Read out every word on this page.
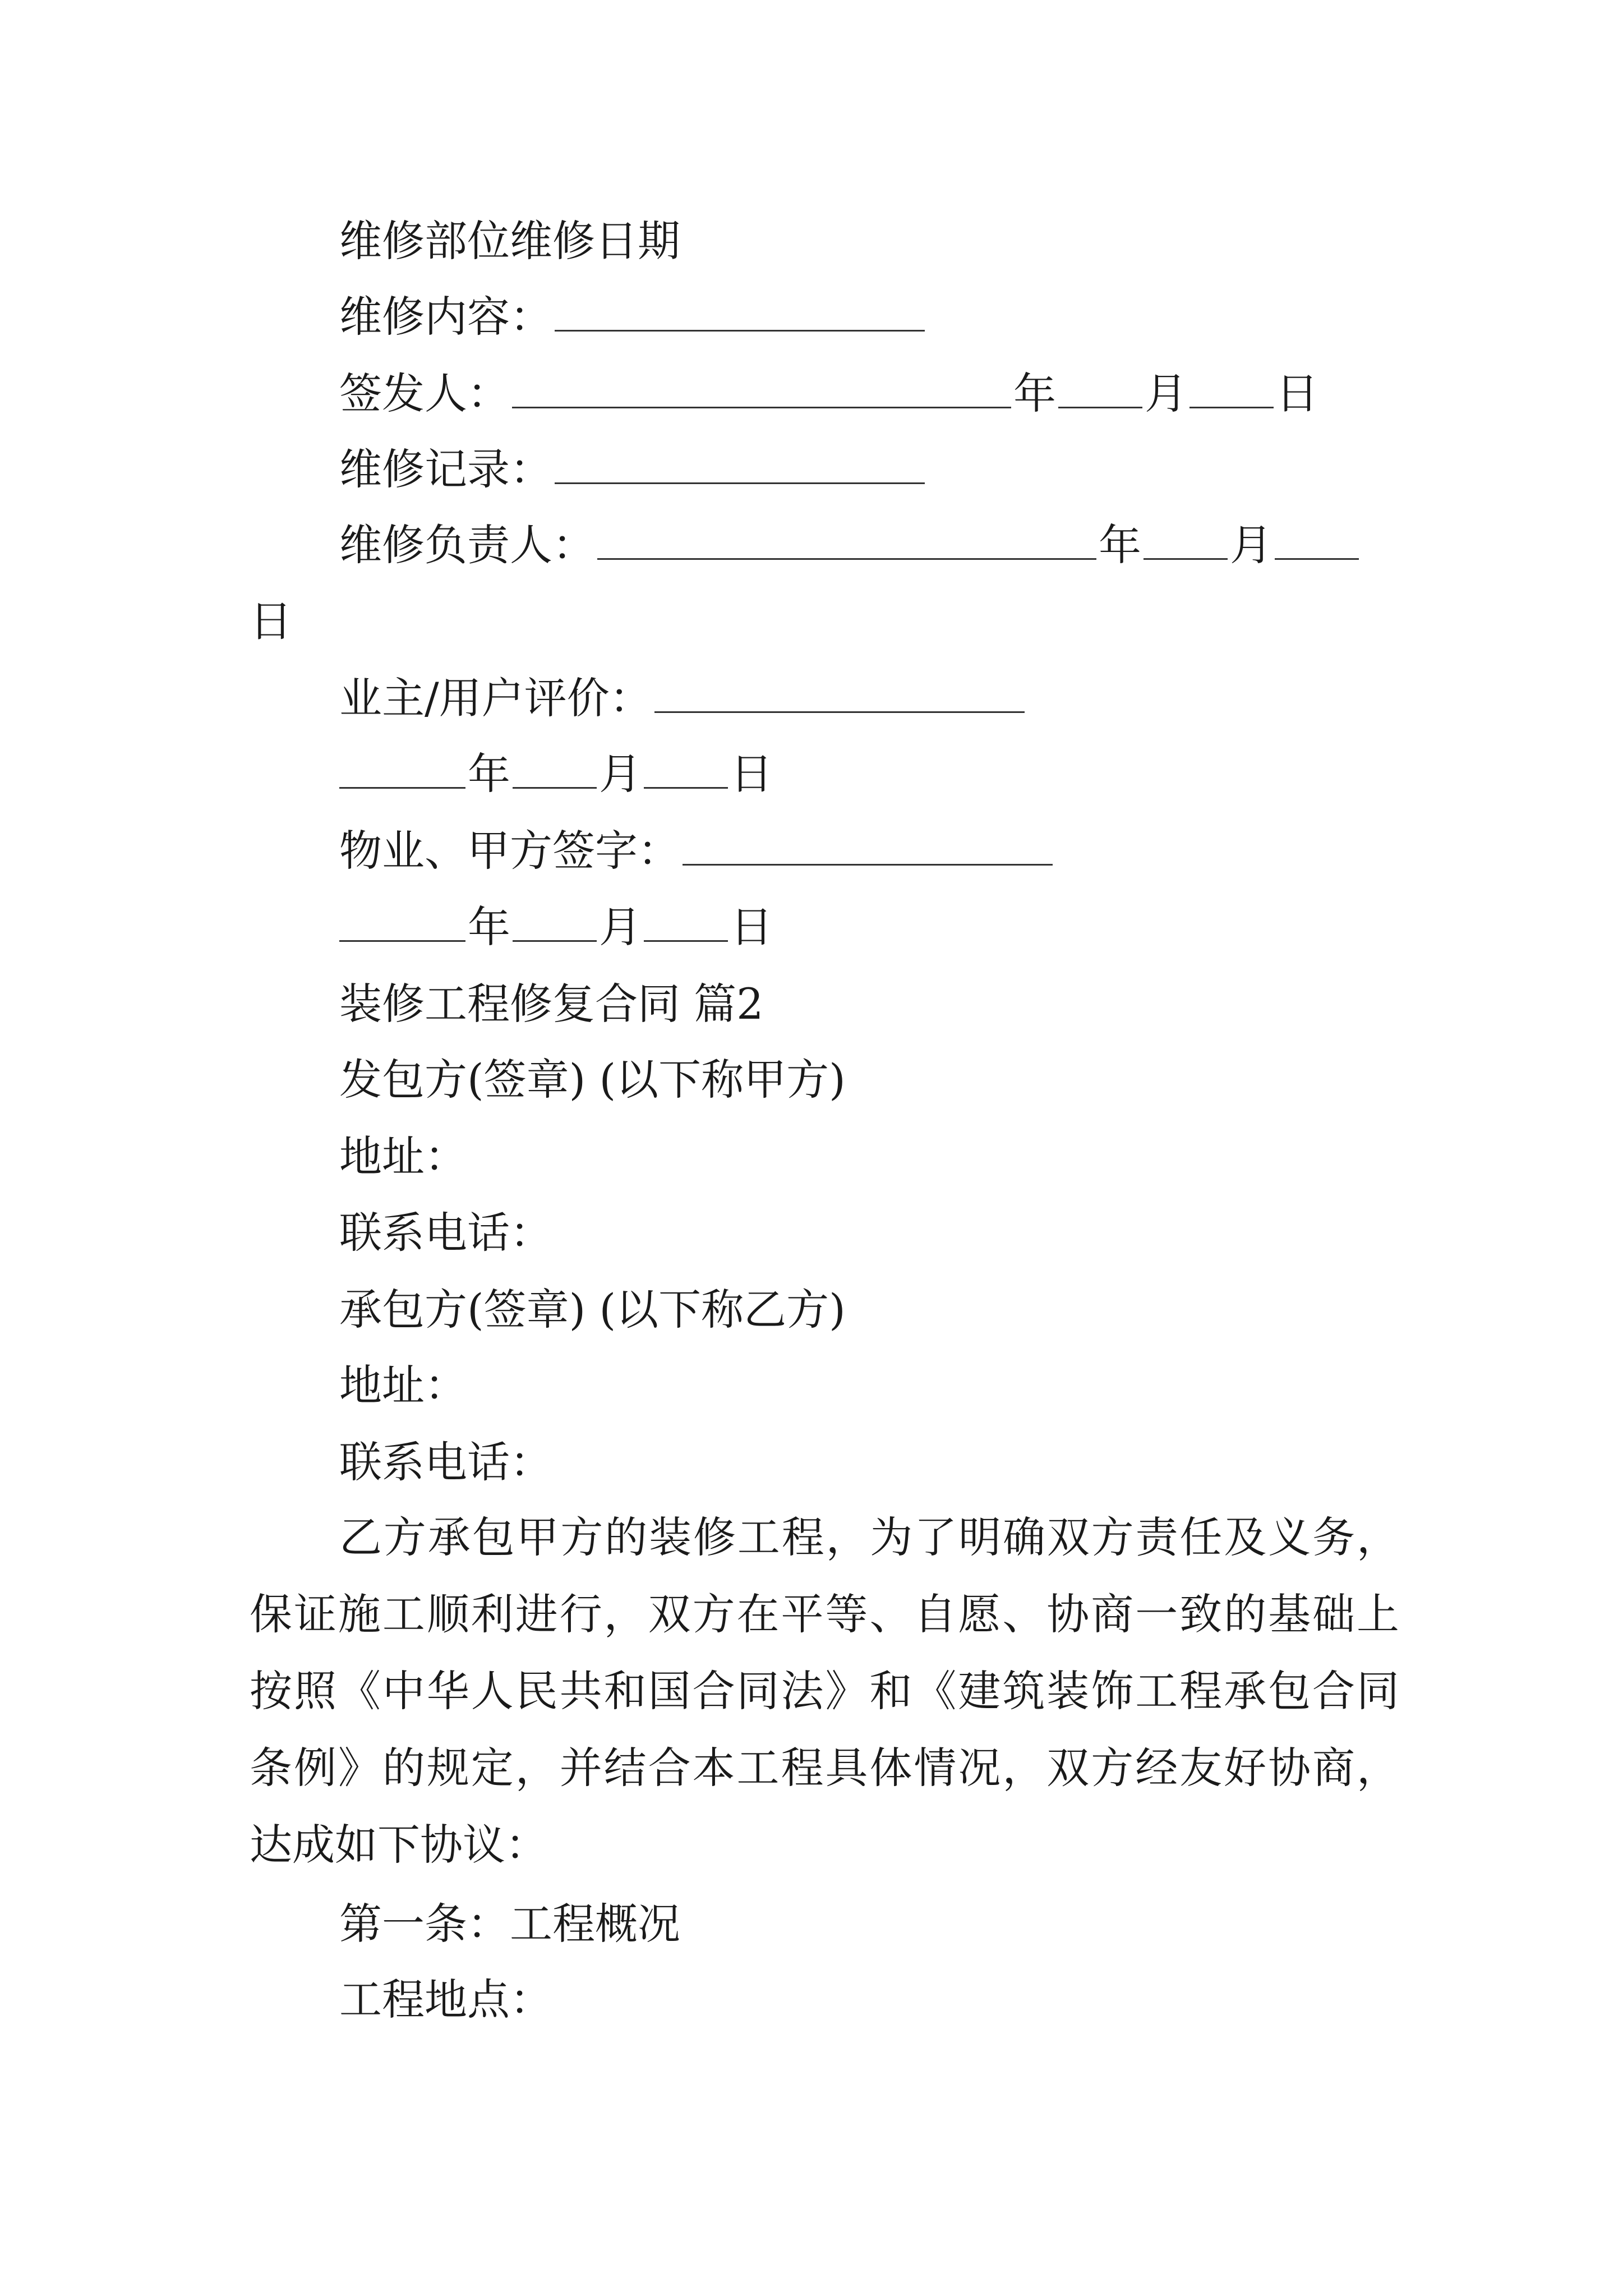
维修部位维修日期
维修内容：
签发人：	年 月 日
维修记录：
维修负责人：	年 月
日
业主/用户评价：
年 月 日
物业、甲方签字：
年 月 日
装修工程修复合同 篇2
发包方(签章) (以下称甲方)
地址：
联系电话：
承包方(签章) (以下称乙方)
地址：
联系电话：
乙方承包甲方的装修工程，为了明确双方责任及义务，
保证施工顺利进行，双方在平等、自愿、协商一致的基础上
按照《中华人民共和国合同法》和《建筑装饰工程承包合同
条例》的规定，并结合本工程具体情况，双方经友好协商，
达成如下协议：
第一条：工程概况
工程地点：
